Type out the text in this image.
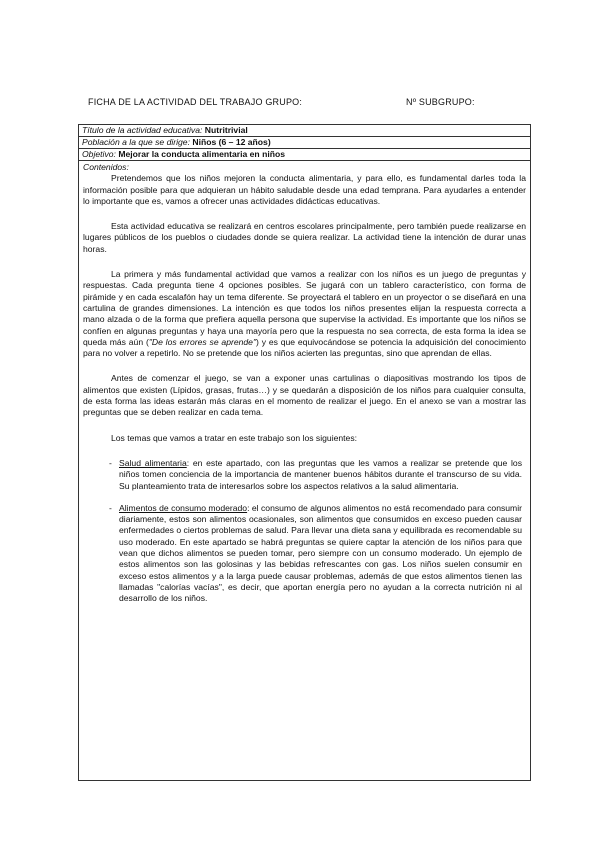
FICHA DE LA ACTIVIDAD DEL TRABAJO GRUPO:	Nº SUBGRUPO:
Título de la actividad educativa: Nutritrivial
Población a la que se dirige: Niños (6 – 12 años)
Objetivo: Mejorar la conducta alimentaria en niños
Contenidos:

Pretendemos que los niños mejoren la conducta alimentaria, y para ello, es fundamental darles toda la información posible para que adquieran un hábito saludable desde una edad temprana. Para ayudarles a entender lo importante que es, vamos a ofrecer unas actividades didácticas educativas.

Esta actividad educativa se realizará en centros escolares principalmente, pero también puede realizarse en lugares públicos de los pueblos o ciudades donde se quiera realizar. La actividad tiene la intención de durar unas horas.

La primera y más fundamental actividad que vamos a realizar con los niños es un juego de preguntas y respuestas. Cada pregunta tiene 4 opciones posibles. Se jugará con un tablero característico, con forma de pirámide y en cada escalafón hay un tema diferente. Se proyectará el tablero en un proyector o se diseñará en una cartulina de grandes dimensiones. La intención es que todos los niños presentes elijan la respuesta correcta a mano alzada o de la forma que prefiera aquella persona que supervise la actividad. Es importante que los niños se confíen en algunas preguntas y haya una mayoría pero que la respuesta no sea correcta, de esta forma la idea se queda más aún ("De los errores se aprende") y es que equivocándose se potencia la adquisición del conocimiento para no volver a repetirlo. No se pretende que los niños acierten las preguntas, sino que aprendan de ellas.

Antes de comenzar el juego, se van a exponer unas cartulinas o diapositivas mostrando los tipos de alimentos que existen (Lípidos, grasas, frutas…) y se quedarán a disposición de los niños para cualquier consulta, de esta forma las ideas estarán más claras en el momento de realizar el juego. En el anexo se van a mostrar las preguntas que se deben realizar en cada tema.

Los temas que vamos a tratar en este trabajo son los siguientes:

- Salud alimentaria: en este apartado, con las preguntas que les vamos a realizar se pretende que los niños tomen conciencia de la importancia de mantener buenos hábitos durante el transcurso de su vida. Su planteamiento trata de interesarlos sobre los aspectos relativos a la salud alimentaria.
- Alimentos de consumo moderado: el consumo de algunos alimentos no está recomendado para consumir diariamente, estos son alimentos ocasionales, son alimentos que consumidos en exceso pueden causar enfermedades o ciertos problemas de salud. Para llevar una dieta sana y equilibrada es recomendable su uso moderado. En este apartado se habrá preguntas se quiere captar la atención de los niños para que vean que dichos alimentos se pueden tomar, pero siempre con un consumo moderado. Un ejemplo de estos alimentos son las golosinas y las bebidas refrescantes con gas. Los niños suelen consumir en exceso estos alimentos y a la larga puede causar problemas, además de que estos alimentos tienen las llamadas "calorías vacías", es decir, que aportan energía pero no ayudan a la correcta nutrición ni al desarrollo de los niños.
